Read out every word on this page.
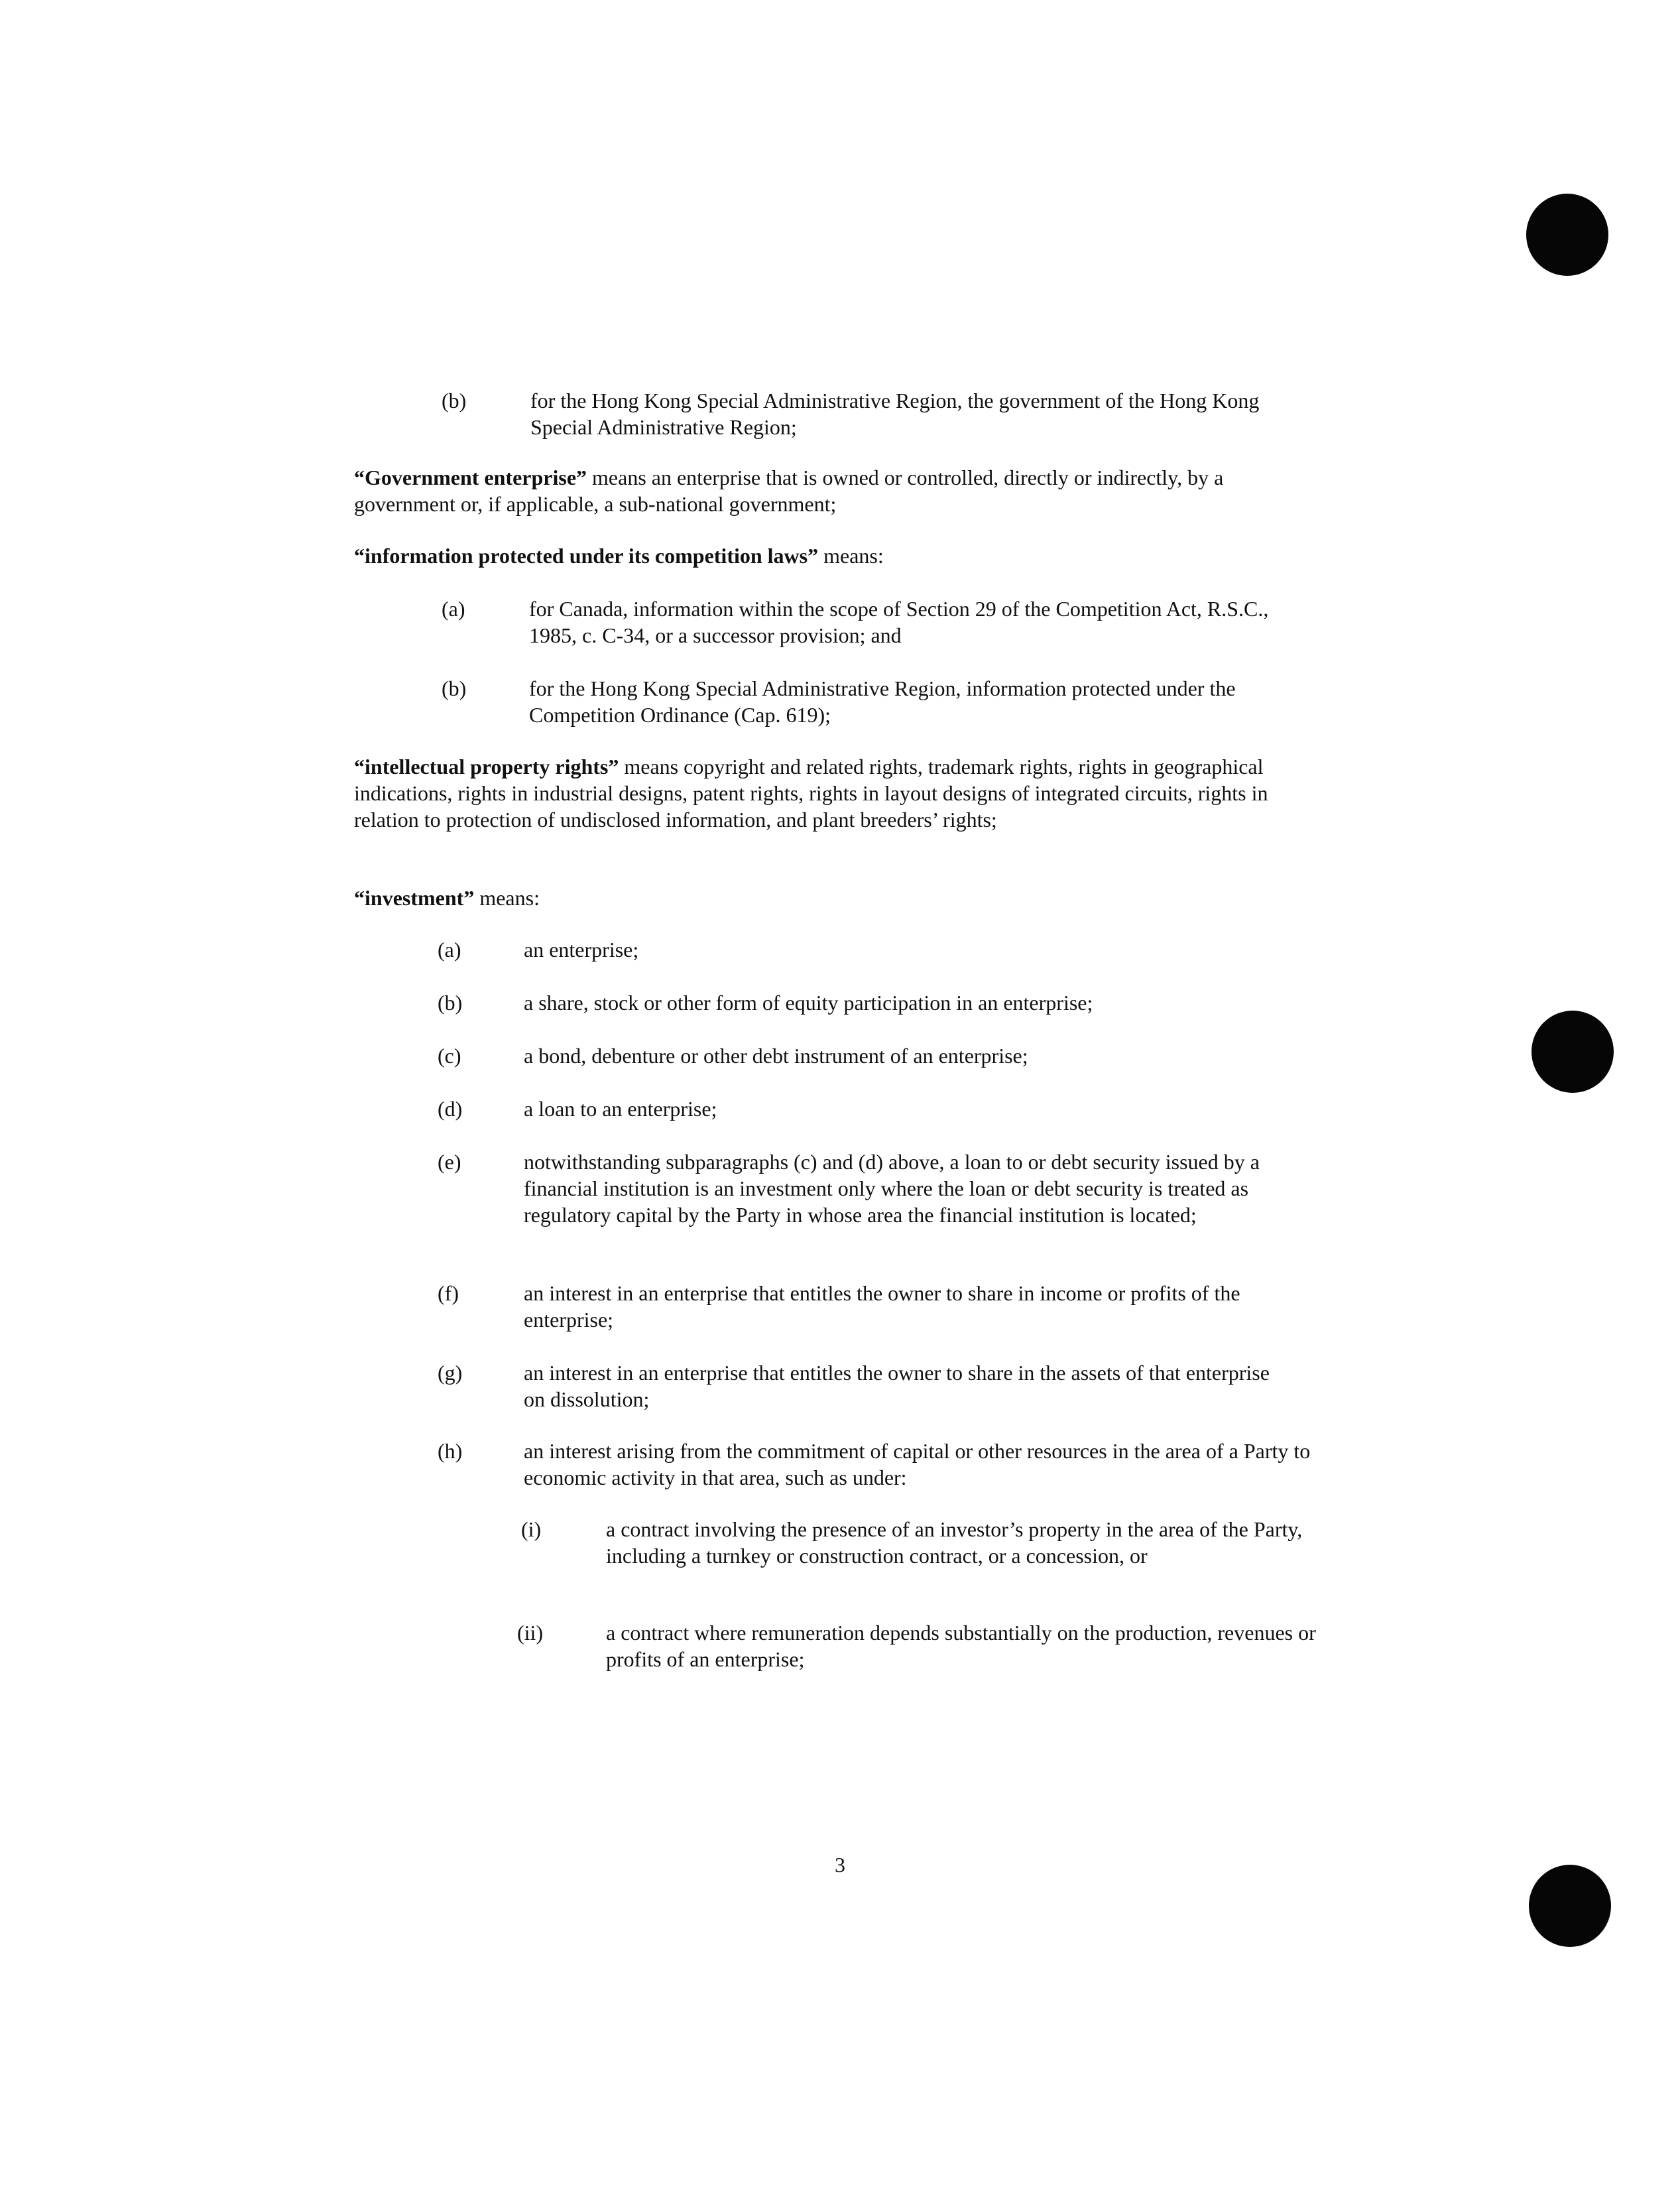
(b)	for the Hong Kong Special Administrative Region, the government of the Hong Kong Special Administrative Region;
“Government enterprise” means an enterprise that is owned or controlled, directly or indirectly, by a government or, if applicable, a sub-national government;
“information protected under its competition laws” means:
(a)	for Canada, information within the scope of Section 29 of the Competition Act, R.S.C., 1985, c. C-34, or a successor provision; and
(b)	for the Hong Kong Special Administrative Region, information protected under the Competition Ordinance (Cap. 619);
“intellectual property rights” means copyright and related rights, trademark rights, rights in geographical indications, rights in industrial designs, patent rights, rights in layout designs of integrated circuits, rights in relation to protection of undisclosed information, and plant breeders’ rights;
“investment” means:
(a)	an enterprise;
(b)	a share, stock or other form of equity participation in an enterprise;
(c)	a bond, debenture or other debt instrument of an enterprise;
(d)	a loan to an enterprise;
(e)	notwithstanding subparagraphs (c) and (d) above, a loan to or debt security issued by a financial institution is an investment only where the loan or debt security is treated as regulatory capital by the Party in whose area the financial institution is located;
(f)	an interest in an enterprise that entitles the owner to share in income or profits of the enterprise;
(g)	an interest in an enterprise that entitles the owner to share in the assets of that enterprise on dissolution;
(h)	an interest arising from the commitment of capital or other resources in the area of a Party to economic activity in that area, such as under:
(i)	a contract involving the presence of an investor’s property in the area of the Party, including a turnkey or construction contract, or a concession, or
(ii)	a contract where remuneration depends substantially on the production, revenues or profits of an enterprise;
3
